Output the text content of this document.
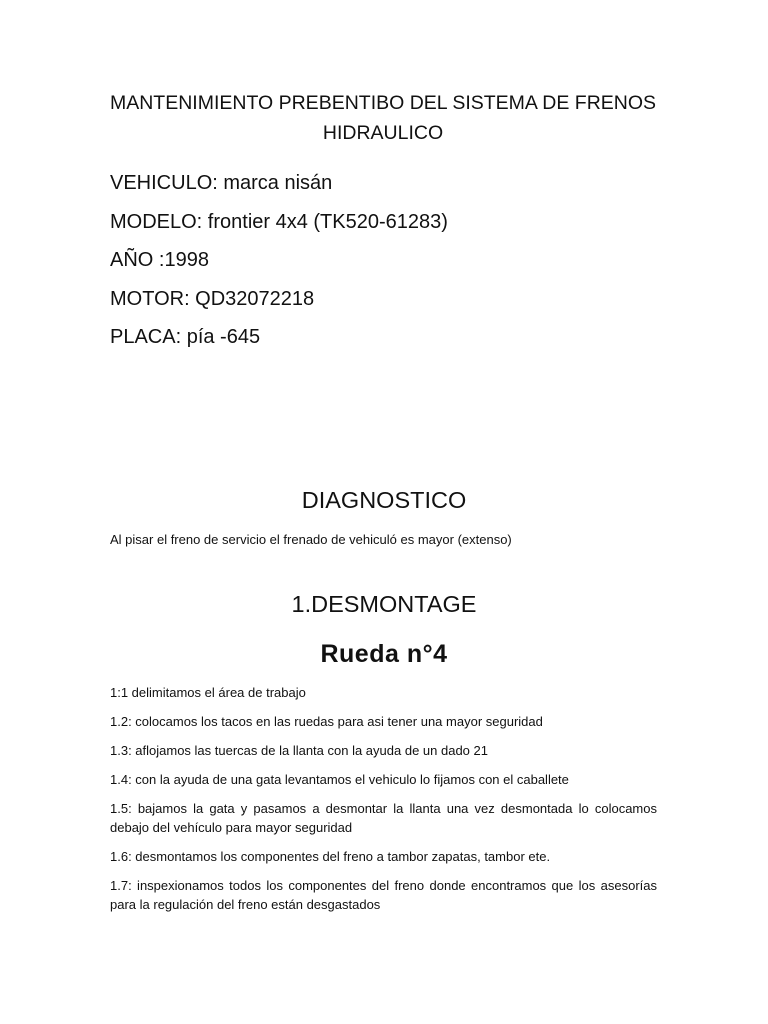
MANTENIMIENTO PREBENTIBO DEL SISTEMA DE FRENOS HIDRAULICO
VEHICULO: marca nisán
MODELO: frontier 4x4 (TK520-61283)
AÑO :1998
MOTOR: QD32072218
PLACA: pía -645
DIAGNOSTICO

Al pisar el freno de servicio el frenado de vehiculó es mayor (extenso)

1.DESMONTAGE
Rueda n°4
1:1 delimitamos el área de trabajo
1.2: colocamos los tacos en las ruedas para asi tener una mayor seguridad
1.3: aflojamos las tuercas de la llanta con la ayuda de un dado 21
1.4: con la ayuda de una gata levantamos el vehiculo lo fijamos con el caballete
1.5: bajamos la gata y pasamos a desmontar la llanta una vez desmontada lo colocamos debajo del vehículo para mayor seguridad
1.6: desmontamos los componentes del freno a tambor zapatas, tambor ete.
1.7: inspexionamos todos los componentes del freno donde encontramos que los asesorías para la regulación del freno están desgastados
